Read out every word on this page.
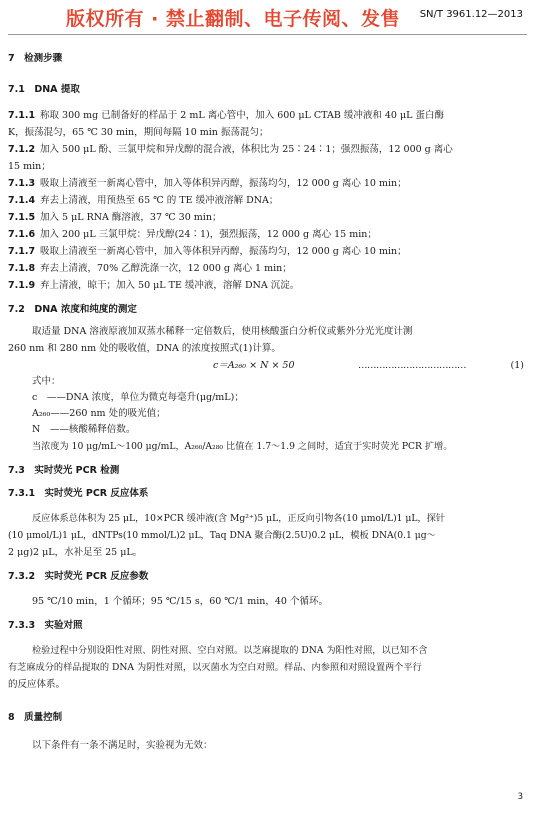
版权所有 · 禁止翻制、电子传阅、发售 SN/T 3961.12—2013
7　检测步骤
7.1　DNA 提取
7.1.1 称取 300 mg 已制备好的样品于 2 mL 离心管中，加入 600 μL CTAB 缓冲液和 40 μL 蛋白酶
K，振荡混匀，65 ℃ 30 min，期间每隔 10 min 振荡混匀；
7.1.2 加入 500 μL 酚、三氯甲烷和异戊醇的混合液，体积比为 25∶24∶1；强烈振荡，12 000 g 离心
15 min；
7.1.3 吸取上清液至一新离心管中，加入等体积异丙醇，振荡均匀，12 000 g 离心 10 min；
7.1.4 弃去上清液，用预热至 65 ℃ 的 TE 缓冲液溶解 DNA；
7.1.5 加入 5 μL RNA 酶溶液，37 ℃ 30 min；
7.1.6 加入 200 μL 三氯甲烷：异戊醇(24∶1)，强烈振荡，12 000 g 离心 15 min；
7.1.7 吸取上清液至一新离心管中，加入等体积异丙醇，振荡均匀，12 000 g 离心 10 min；
7.1.8 弃去上清液，70% 乙醇洗涤一次，12 000 g 离心 1 min；
7.1.9 弃上清液，晾干；加入 50 μL TE 缓冲液，溶解 DNA 沉淀。
7.2　DNA 浓度和纯度的测定
取适量 DNA 溶液原液加双蒸水稀释一定倍数后，使用核酸蛋白分析仪或紫外分光光度计测
260 nm 和 280 nm 处的吸收值，DNA 的浓度按照式(1)计算。
c＝A₂₆₀ × N × 50	………………………………	(1)
式中：
c　——DNA 浓度，单位为微克每毫升(μg/mL)；
A₂₆₀——260 nm 处的吸光值；
N　——核酸稀释倍数。
当浓度为 10 μg/mL～100 μg/mL，A₂₆₀/A₂₈₀ 比值在 1.7～1.9 之间时，适宜于实时荧光 PCR 扩增。
7.3　实时荧光 PCR 检测
7.3.1　实时荧光 PCR 反应体系
反应体系总体积为 25 μL，10×PCR 缓冲液(含 Mg²⁺)5 μL，正反向引物各(10 μmol/L)1 μL，探针
(10 μmol/L)1 μL，dNTPs(10 mmol/L)2 μL，Taq DNA 聚合酶(2.5U)0.2 μL，模板 DNA(0.1 μg～
2 μg)2 μL，水补足至 25 μL。
7.3.2　实时荧光 PCR 反应参数
95 ℃/10 min，1 个循环；95 ℃/15 s，60 ℃/1 min，40 个循环。
7.3.3　实验对照
检验过程中分别设阳性对照、阴性对照、空白对照。以芝麻提取的 DNA 为阳性对照，以已知不含
有芝麻成分的样品提取的 DNA 为阴性对照，以灭菌水为空白对照。样品、内参照和对照设置两个平行
的反应体系。
8　质量控制
以下条件有一条不满足时，实验视为无效：
3
